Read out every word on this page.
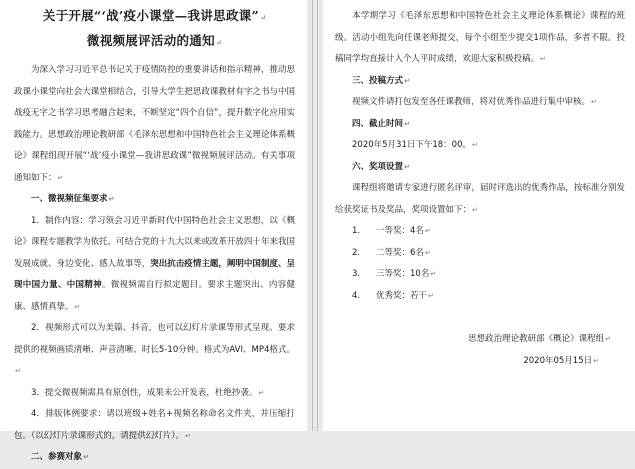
关于开展“‘战’疫小课堂—我讲思政课”↵

微视频展评活动的通知↵

为深入学习习近平总书记关于疫情防控的重要讲话和指示精神，推动思政课小课堂向社会大课堂相结合，引导大学生把思政课教材有字之书与中国战疫无字之书学习思考融合起来，不断坚定“四个自信”，提升数字化应用实践能力。思想政治理论教研部《毛泽东思想和中国特色社会主义理论体系概论》课程组现开展“‘战’疫小课堂—我讲思政课”微视频展评活动。有关事项通知如下：↵

一、微视频征集要求↵

1．制作内容：学习领会习近平新时代中国特色社会主义思想，以《概论》课程专题教学为依托，可结合党的十九大以来或改革开放四十年来我国发展成就、身边变化、感人故事等，突出抗击疫情主题，阐明中国制度、呈现中国力量、中国精神。微视频需自行拟定题目。要求主题突出、内容健康、感情真挚。↵

2．视频形式可以为美篇、抖音，也可以幻灯片录课等形式呈现。要求提供的视频画质清晰、声音清晰、时长5-10分钟。格式为AVI、MP4格式。↵

3．提交微视频需具有原创性，成果未公开发表，杜绝抄袭。↵

4．排版体例要求：请以班级+姓名+视频名称命名文件夹，并压缩打包。（以幻灯片录课形式的，请提供幻灯片）。↵

二、参赛对象↵

本学期学习《毛泽东思想和中国特色社会主义理论体系概论》课程的班级。活动小组先向任课老师提交，每个小组至少提交1项作品，多者不限。投稿同学均直接计入个人平时成绩，欢迎大家积极投稿。↵

三、投稿方式↵

视频文件请打包发至各任课教师，将对优秀作品进行集中审核。↵

四、截止时间↵

2020年5月31日下午18：00。↵

六、奖项设置↵

课程组将邀请专家进行匿名评审，届时评选出的优秀作品，按标准分别发给获奖证书及奖品，奖项设置如下：↵

1. 一等奖：4名↵

2. 二等奖：6名↵

3. 三等奖：10名↵

4. 优秀奖：若干↵

思想政治理论教研部《概论》课程组↵

2020年05月15日↵
